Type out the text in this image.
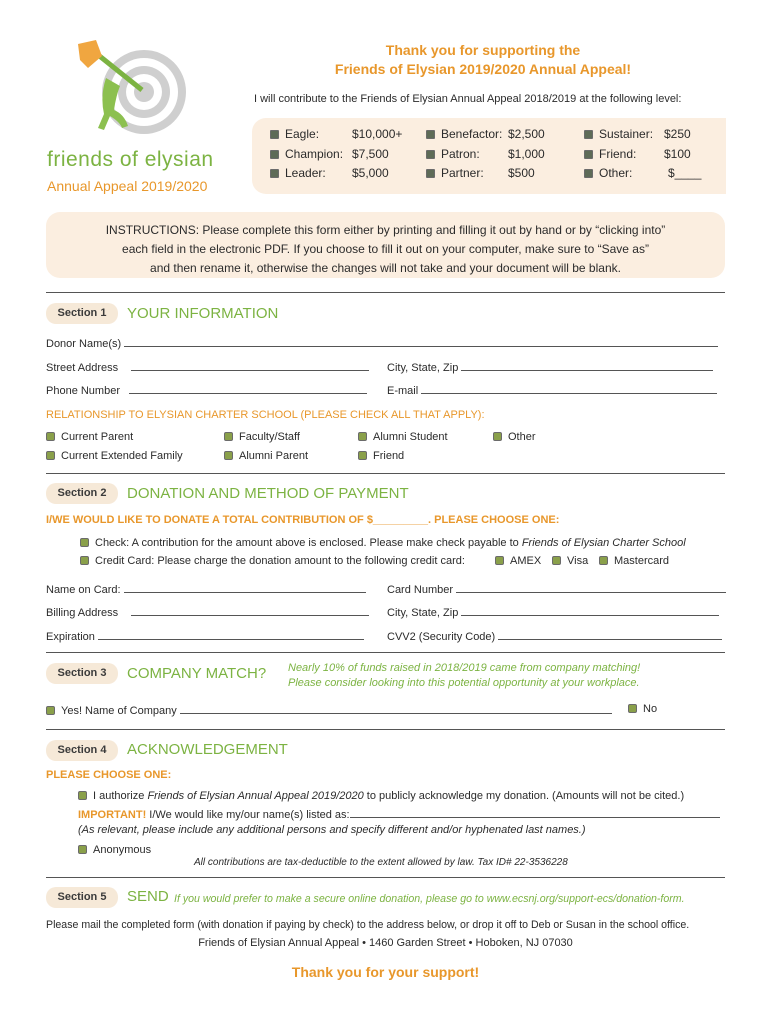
friends of elysian
Annual Appeal 2019/2020
Thank you for supporting the
Friends of Elysian 2019/2020 Annual Appeal!
I will contribute to the Friends of Elysian Annual Appeal 2018/2019 at the following level:
Eagle:	$10,000+
Champion: $7,500
Leader: $5,000
Benefactor: $2,500
Patron: $1,000
Partner: $500
Sustainer: $250
Friend: $100
Other:	$____
INSTRUCTIONS: Please complete this form either by printing and filling it out by hand or by “clicking into”
each field in the electronic PDF. If you choose to fill it out on your computer, make sure to “Save as”
and then rename it, otherwise the changes will not take and your document will be blank.
Section 1	YOUR INFORMATION
Donor Name(s)
Street Address	City, State, Zip
Phone Number	E-mail
RELATIONSHIP TO ELYSIAN CHARTER SCHOOL (PLEASE CHECK ALL THAT APPLY):
Current Parent	Faculty/Staff	Alumni Student	Other
Current Extended Family	Alumni Parent	Friend
Section 2	DONATION AND METHOD OF PAYMENT
I/WE WOULD LIKE TO DONATE A TOTAL CONTRIBUTION OF $_________. PLEASE CHOOSE ONE:
Check: A contribution for the amount above is enclosed. Please make check payable to Friends of Elysian Charter School
Credit Card: Please charge the donation amount to the following credit card:	AMEX	Visa	Mastercard
Name on Card:	Card Number
Billing Address	City, State, Zip
Expiration	CVV2 (Security Code)
Section 3	COMPANY MATCH? Nearly 10% of funds raised in 2018/2019 came from company matching!
Please consider looking into this potential opportunity at your workplace.
Yes! Name of Company	No
Section 4	ACKNOWLEDGEMENT
PLEASE CHOOSE ONE:
I authorize Friends of Elysian Annual Appeal 2019/2020 to publicly acknowledge my donation. (Amounts will not be cited.)
IMPORTANT! I/We would like my/our name(s) listed as:
(As relevant, please include any additional persons and specify different and/or hyphenated last names.)
Anonymous
All contributions are tax-deductible to the extent allowed by law. Tax ID# 22-3536228
Section 5	SEND If you would prefer to make a secure online donation, please go to www.ecsnj.org/support-ecs/donation-form.
Please mail the completed form (with donation if paying by check) to the address below, or drop it off to Deb or Susan in the school office.
Friends of Elysian Annual Appeal • 1460 Garden Street • Hoboken, NJ 07030
Thank you for your support!
